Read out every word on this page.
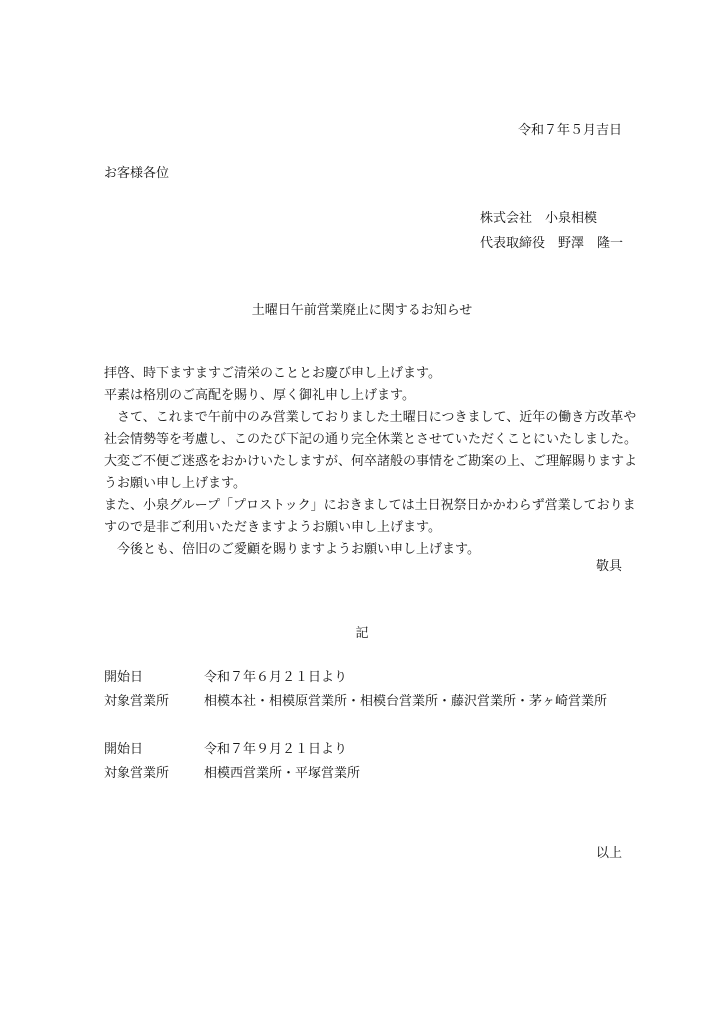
令和７年５月吉日
お客様各位
株式会社　小泉相模
代表取締役　野澤　隆一
土曜日午前営業廃止に関するお知らせ
拝啓、時下ますますご清栄のこととお慶び申し上げます。
平素は格別のご高配を賜り、厚く御礼申し上げます。
　さて、これまで午前中のみ営業しておりました土曜日につきまして、近年の働き方改革や
社会情勢等を考慮し、このたび下記の通り完全休業とさせていただくことにいたしました。
大変ご不便ご迷惑をおかけいたしますが、何卒諸般の事情をご勘案の上、ご理解賜りますよ
うお願い申し上げます。
また、小泉グループ「プロストック」におきましては土日祝祭日かかわらず営業しておりま
すので是非ご利用いただきますようお願い申し上げます。
　今後とも、倍旧のご愛顧を賜りますようお願い申し上げます。
敬具
記
開始日	令和７年６月２１日より
対象営業所	相模本社・相模原営業所・相模台営業所・藤沢営業所・茅ヶ崎営業所
開始日	令和７年９月２１日より
対象営業所	相模西営業所・平塚営業所
以上
